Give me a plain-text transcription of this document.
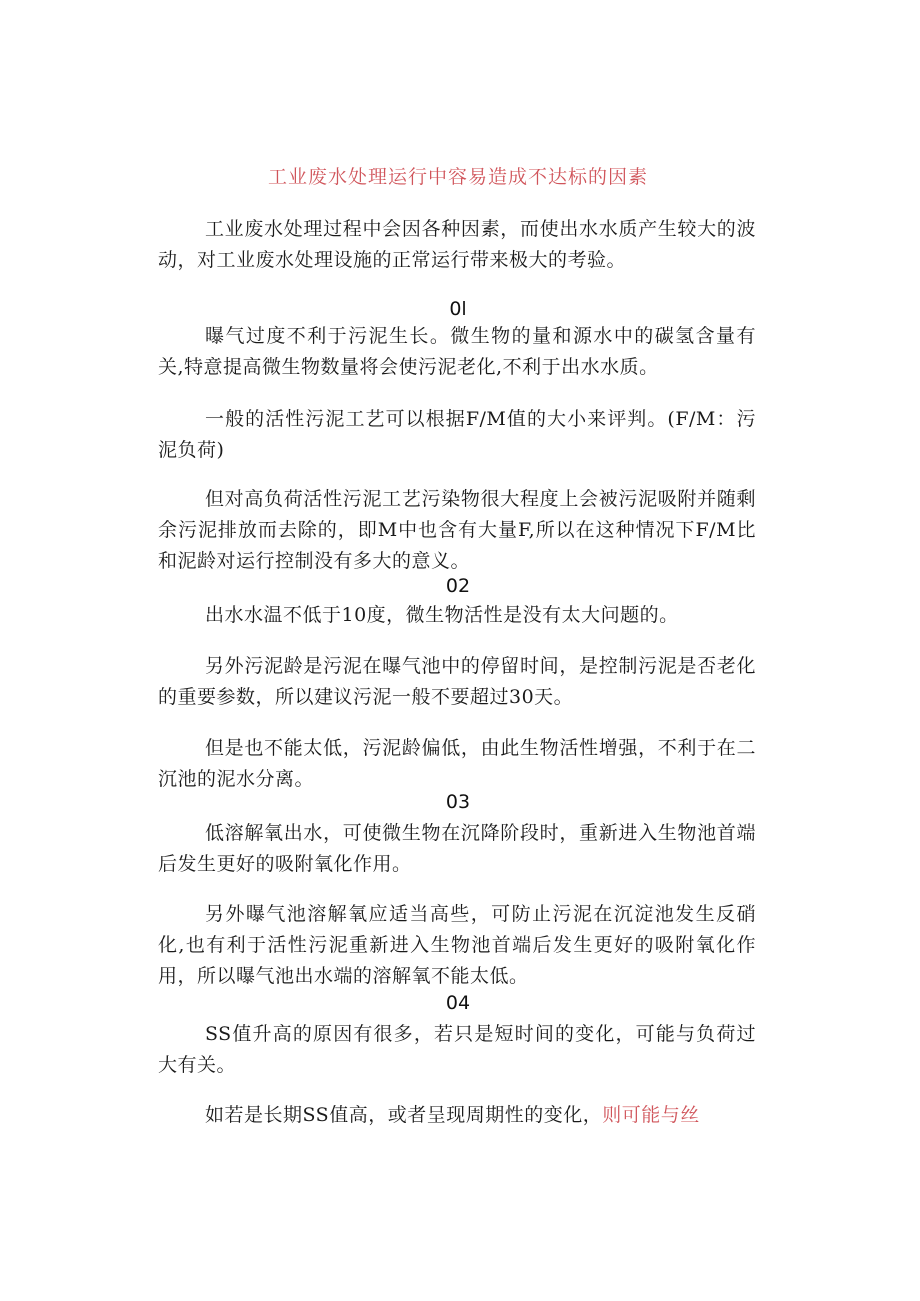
工业废水处理运行中容易造成不达标的因素

工业废水处理过程中会因各种因素，而使出水水质产生较大的波动，对工业废水处理设施的正常运行带来极大的考验。

0l

曝气过度不利于污泥生长。微生物的量和源水中的碳氢含量有关,特意提高微生物数量将会使污泥老化,不利于出水水质。

一般的活性污泥工艺可以根据F/M值的大小来评判。(F/M：污泥负荷)

但对高负荷活性污泥工艺污染物很大程度上会被污泥吸附并随剩余污泥排放而去除的，即M中也含有大量F,所以在这种情况下F/M比和泥龄对运行控制没有多大的意义。

02

出水水温不低于10度，微生物活性是没有太大问题的。

另外污泥龄是污泥在曝气池中的停留时间，是控制污泥是否老化的重要参数，所以建议污泥一般不要超过30天。

但是也不能太低，污泥龄偏低，由此生物活性增强，不利于在二沉池的泥水分离。

03

低溶解氧出水，可使微生物在沉降阶段时，重新进入生物池首端后发生更好的吸附氧化作用。

另外曝气池溶解氧应适当高些，可防止污泥在沉淀池发生反硝化,也有利于活性污泥重新进入生物池首端后发生更好的吸附氧化作用，所以曝气池出水端的溶解氧不能太低。

04

SS值升高的原因有很多，若只是短时间的变化，可能与负荷过大有关。

如若是长期SS值高，或者呈现周期性的变化，则可能与丝
